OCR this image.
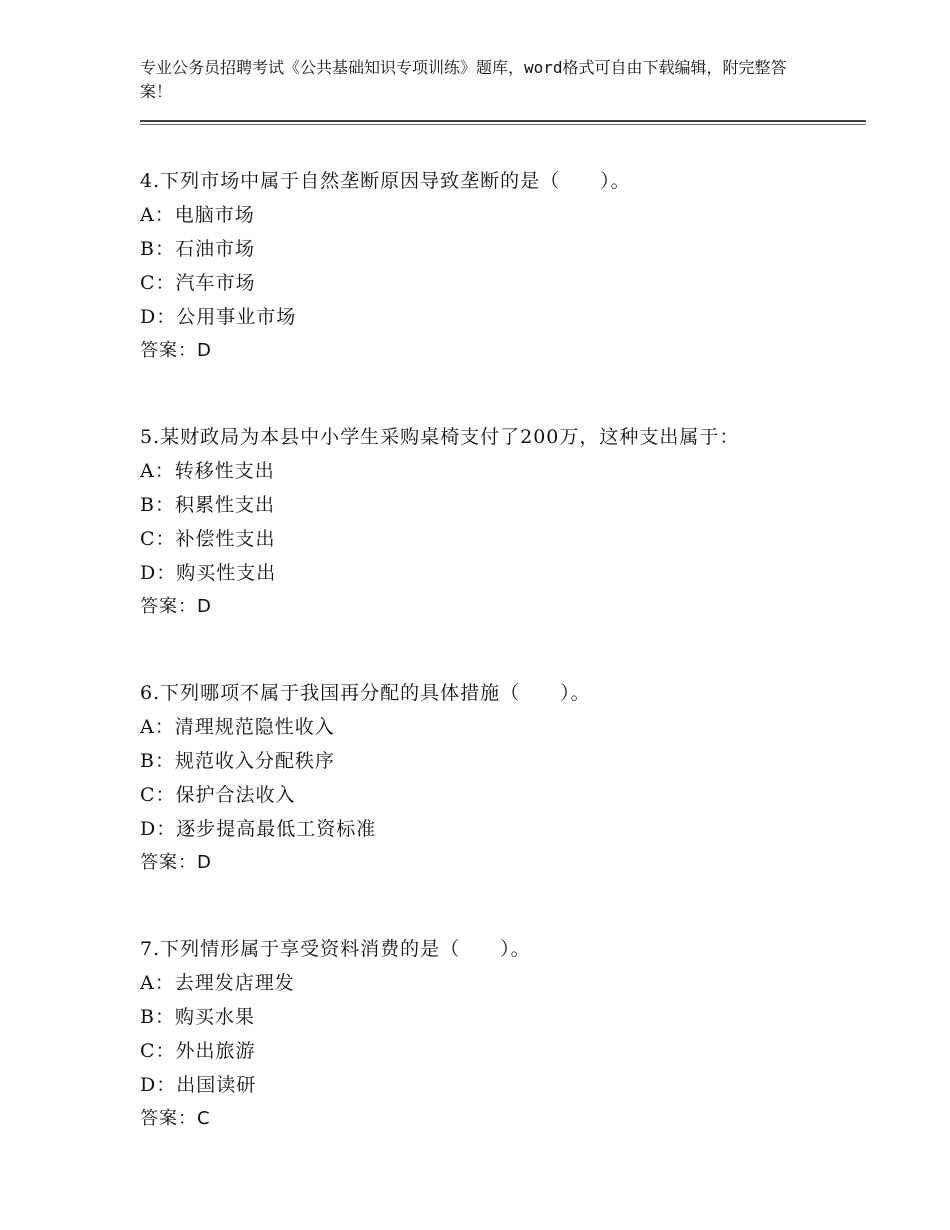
专业公务员招聘考试《公共基础知识专项训练》题库，word格式可自由下载编辑，附完整答案！
4.下列市场中属于自然垄断原因导致垄断的是（　　）。
A：电脑市场
B：石油市场
C：汽车市场
D：公用事业市场
答案：D
5.某财政局为本县中小学生采购桌椅支付了200万，这种支出属于：
A：转移性支出
B：积累性支出
C：补偿性支出
D：购买性支出
答案：D
6.下列哪项不属于我国再分配的具体措施（　　）。
A：清理规范隐性收入
B：规范收入分配秩序
C：保护合法收入
D：逐步提高最低工资标准
答案：D
7.下列情形属于享受资料消费的是（　　）。
A：去理发店理发
B：购买水果
C：外出旅游
D：出国读研
答案：C
